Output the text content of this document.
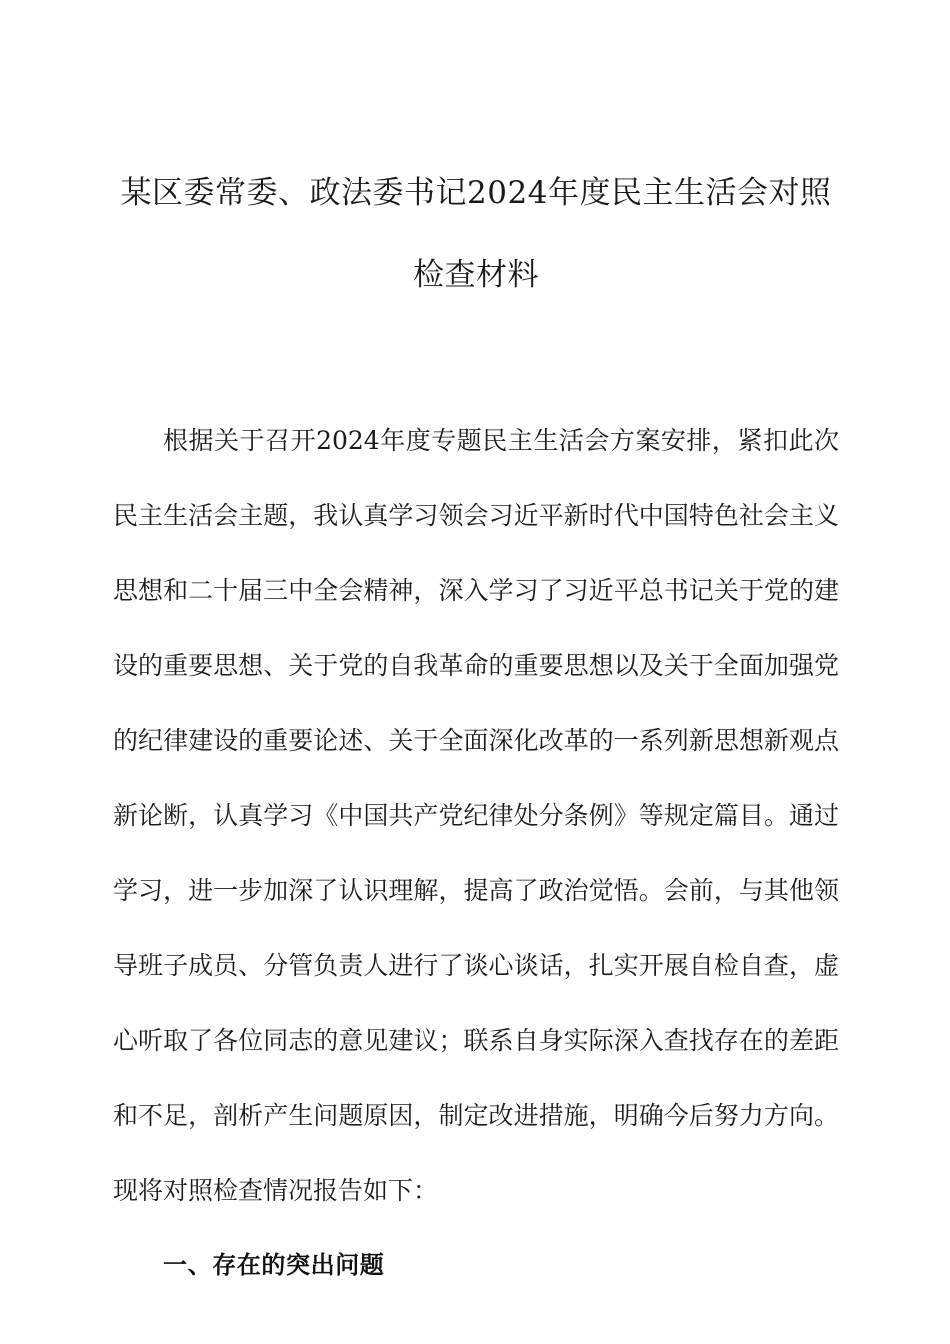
某区委常委、政法委书记2024年度民主生活会对照检查材料

根据关于召开2024年度专题民主生活会方案安排，紧扣此次民主生活会主题，我认真学习领会习近平新时代中国特色社会主义思想和二十届三中全会精神，深入学习了习近平总书记关于党的建设的重要思想、关于党的自我革命的重要思想以及关于全面加强党的纪律建设的重要论述、关于全面深化改革的一系列新思想新观点新论断，认真学习《中国共产党纪律处分条例》等规定篇目。通过学习，进一步加深了认识理解，提高了政治觉悟。会前，与其他领导班子成员、分管负责人进行了谈心谈话，扎实开展自检自查，虚心听取了各位同志的意见建议；联系自身实际深入查找存在的差距和不足，剖析产生问题原因，制定改进措施，明确今后努力方向。现将对照检查情况报告如下：

一、存在的突出问题
